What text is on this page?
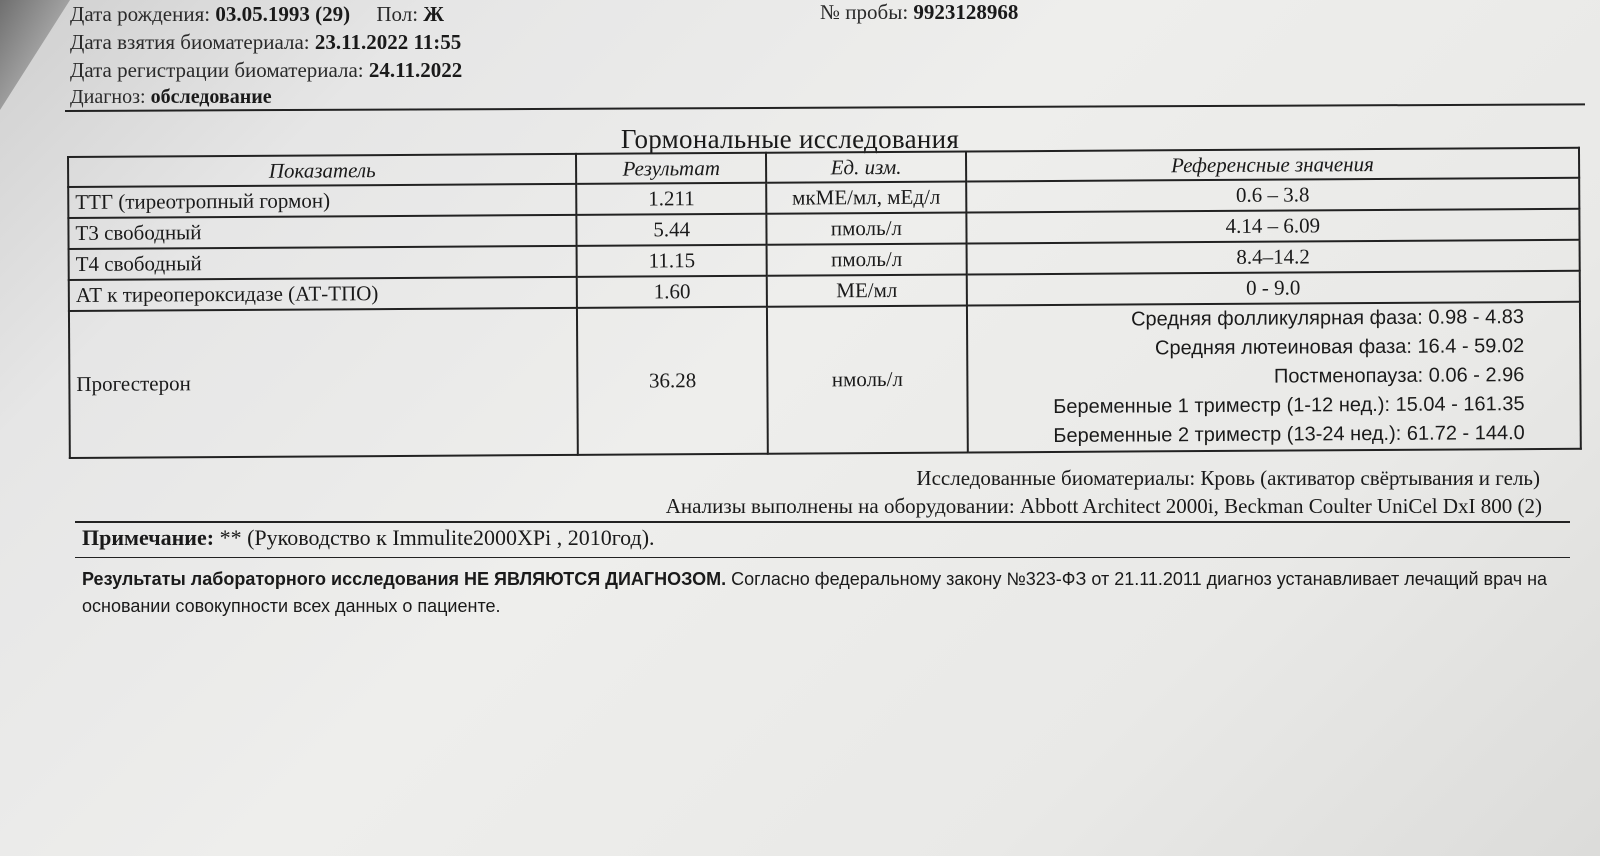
Дата рождения: 03.05.1993 (29) Пол: Ж	№ пробы: 9923128968
Дата взятия биоматериала: 23.11.2022 11:55
Дата регистрации биоматериала: 24.11.2022
Диагноз: обследование
Гормональные исследования
Показатель	Результат	Ед. изм.	Референсные значения
ТТГ (тиреотропный гормон)	1.211	мкМЕ/мл, мЕд/л	0.6 – 3.8
Т3 свободный	5.44	пмоль/л	4.14 – 6.09
Т4 свободный	11.15	пмоль/л	8.4–14.2
АТ к тиреопероксидазе (АТ-ТПО)	1.60	МЕ/мл	0 - 9.0
Прогестерон	36.28	нмоль/л	Средняя фолликулярная фаза: 0.98 - 4.83
Средняя лютеиновая фаза: 16.4 - 59.02
Постменопауза: 0.06 - 2.96
Беременные 1 триместр (1-12 нед.): 15.04 - 161.35
Беременные 2 триместр (13-24 нед.): 61.72 - 144.0
Исследованные биоматериалы: Кровь (активатор свёртывания и гель)
Анализы выполнены на оборудовании: Abbott Architect 2000i, Beckman Coulter UniCel DxI 800 (2)
Примечание: ** (Руководство к Immulite2000XPi , 2010год).
Результаты лабораторного исследования НЕ ЯВЛЯЮТСЯ ДИАГНОЗОМ. Согласно федеральному закону №323-ФЗ от 21.11.2011 диагноз устанавливает лечащий врач на основании совокупности всех данных о пациенте.
